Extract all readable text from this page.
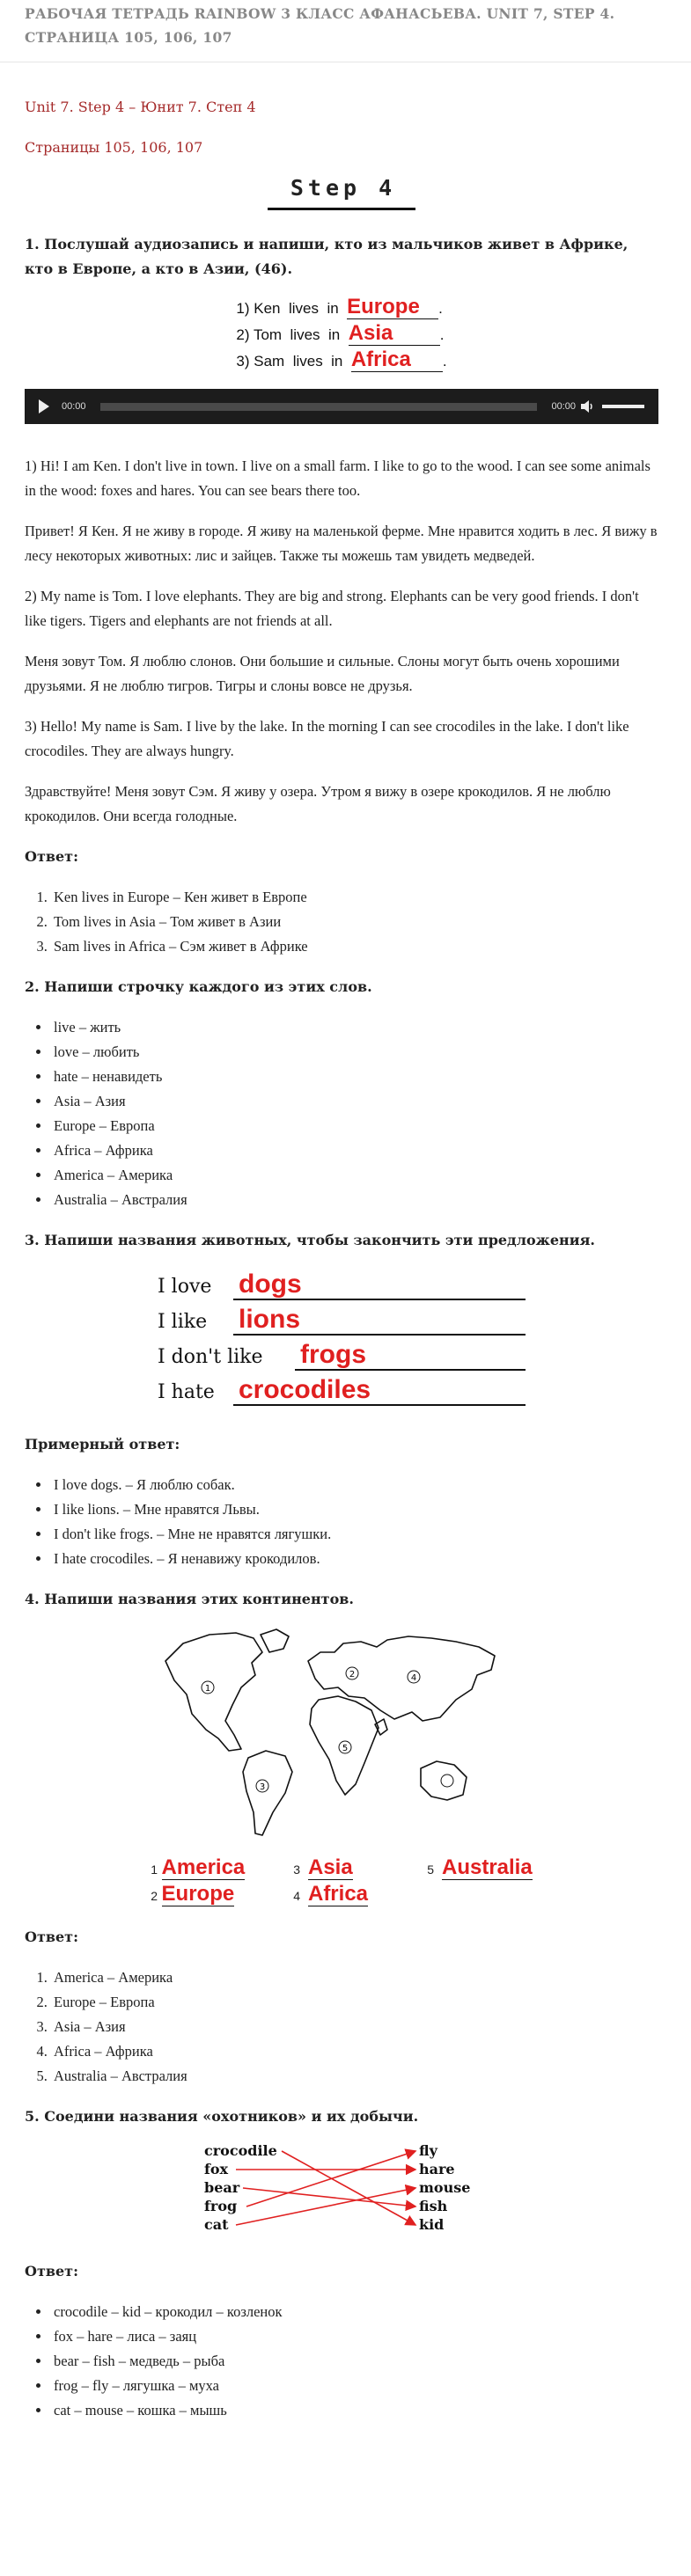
РАБОЧАЯ ТЕТРАДЬ RAINBOW 3 КЛАСС АФАНАСЬЕВА. UNIT 7, STEP 4. СТРАНИЦА 105, 106, 107

Unit 7. Step 4 – Юнит 7. Степ 4

Страницы 105, 106, 107

Step 4
1. Послушай аудиозапись и напиши, кто из мальчиков живет в Африке, кто в Европе, а кто в Азии, (46).
1) Ken lives in Europe .
2) Tom lives in Asia	.
3) Sam lives in Africa .
00:00	00:00

1) Hi! I am Ken. I don't live in town. I live on a small farm. I like to go to the wood. I can see some animals in the wood: foxes and hares. You can see bears there too.

Привет! Я Кен. Я не живу в городе. Я живу на маленькой ферме. Мне нравится ходить в лес. Я вижу в лесу некоторых животных: лис и зайцев. Также ты можешь там увидеть медведей.

2) My name is Tom. I love elephants. They are big and strong. Elephants can be very good friends. I don't like tigers. Tigers and elephants are not friends at all.

Меня зовут Том. Я люблю слонов. Они большие и сильные. Слоны могут быть очень хорошими друзьями. Я не люблю тигров. Тигры и слоны вовсе не друзья.

3) Hello! My name is Sam. I live by the lake. In the morning I can see crocodiles in the lake. I don't like crocodiles. They are always hungry.

Здравствуйте! Меня зовут Сэм. Я живу у озера. Утром я вижу в озере крокодилов. Я не люблю крокодилов. Они всегда голодные.

Ответ:
1. Ken lives in Europe – Кен живет в Европе
2. Tom lives in Asia – Том живет в Азии
3. Sam lives in Africa – Сэм живет в Африке
2. Напиши строчку каждого из этих слов.
• live – жить
• love – любить
• hate – ненавидеть
• Asia – Азия
• Europe – Европа
• Africa – Африка
• America – Америка
• Australia – Австралия
3. Напиши названия животных, чтобы закончить эти предложения.
I love dogs
I like lions
I don't like frogs
I hate crocodiles
Примерный ответ:
• I love dogs. – Я люблю собак.
• I like lions. – Мне нравятся Львы.
• I don't like frogs. – Мне не нравятся лягушки.
• I hate crocodiles. – Я ненавижу крокодилов.
4. Напиши названия этих континентов.
1
2
3
4
5
1 America	3 Asia	5 Australia
2 Europe	4 Africa
Ответ:
1. America – Америка
2. Europe – Европа
3. Asia – Азия
4. Africa – Африка
5. Australia – Австралия
5. Соедини названия «охотников» и их добычи.
crocodile
fox
bear
frog
cat
fly
hare
mouse
fish
kid
Ответ:
• crocodile – kid – крокодил – козленок
• fox – hare – лиса – заяц
• bear – fish – медведь – рыба
• frog – fly – лягушка – муха
• cat – mouse – кошка – мышь
